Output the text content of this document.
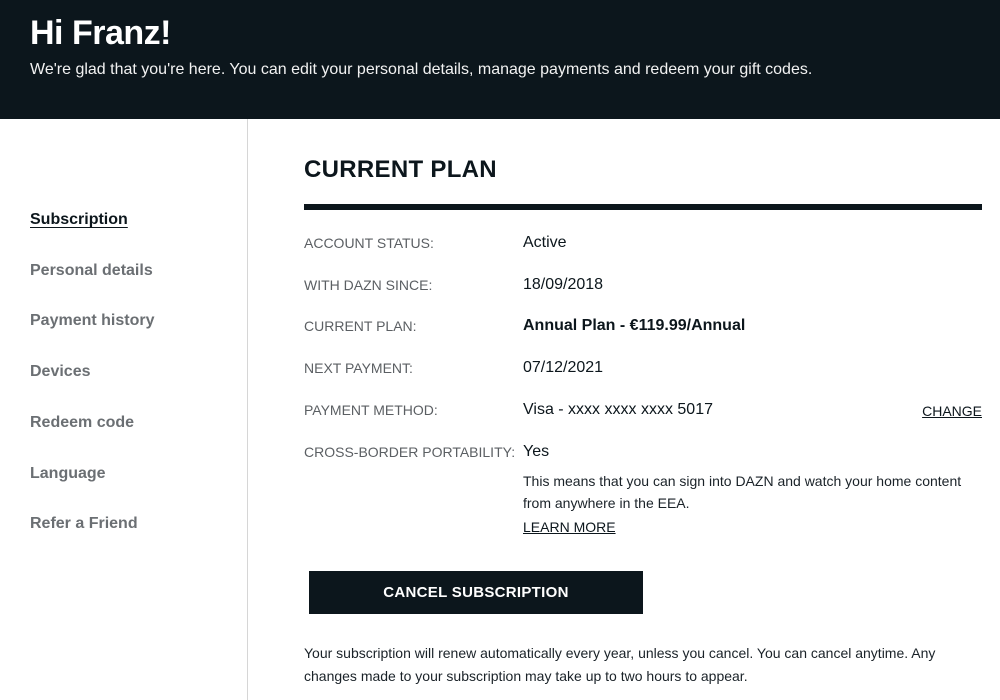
Hi Franz!
We're glad that you're here. You can edit your personal details, manage payments and redeem your gift codes.
Subscription
Personal details
Payment history
Devices
Redeem code
Language
Refer a Friend
CURRENT PLAN
ACCOUNT STATUS:	Active
WITH DAZN SINCE:	18/09/2018
CURRENT PLAN:	Annual Plan - €119.99/Annual
NEXT PAYMENT:	07/12/2021
PAYMENT METHOD:	Visa - xxxx xxxx xxxx 5017	CHANGE
CROSS-BORDER PORTABILITY: Yes
This means that you can sign into DAZN and watch your home content from anywhere in the EEA.
LEARN MORE
CANCEL SUBSCRIPTION
Your subscription will renew automatically every year, unless you cancel. You can cancel anytime. Any changes made to your subscription may take up to two hours to appear.
